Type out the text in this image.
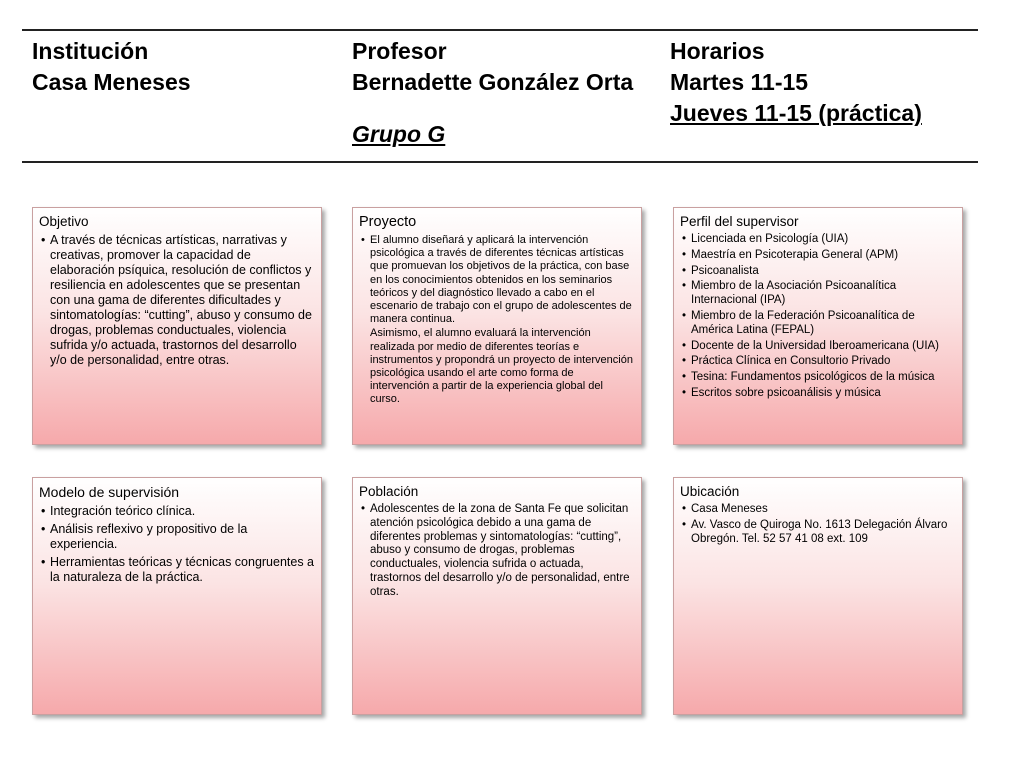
Institución
Casa Meneses
Profesor
Bernadette González Orta
Grupo G
Horarios
Martes 11-15
Jueves 11-15 (práctica)
Objetivo
• A través de técnicas artísticas, narrativas y creativas, promover la capacidad de elaboración psíquica, resolución de conflictos y resiliencia en adolescentes que se presentan con una gama de diferentes dificultades y sintomatologías: “cutting”, abuso y consumo de drogas, problemas conductuales, violencia sufrida y/o actuada, trastornos del desarrollo y/o de personalidad, entre otras.
Proyecto
• El alumno diseñará y aplicará la intervención psicológica a través de diferentes técnicas artísticas que promuevan los objetivos de la práctica, con base en los conocimientos obtenidos en los seminarios teóricos y del diagnóstico llevado a cabo en el escenario de trabajo con el grupo de adolescentes de manera continua.
Asimismo, el alumno evaluará la intervención realizada por medio de diferentes teorías e instrumentos y propondrá un proyecto de intervención psicológica usando el arte como forma de intervención a partir de la experiencia global del curso.
Perfil del supervisor
• Licenciada en Psicología (UIA)
• Maestría en Psicoterapia General (APM)
• Psicoanalista
• Miembro de la Asociación Psicoanalítica Internacional (IPA)
• Miembro de la Federación Psicoanalítica de América Latina (FEPAL)
• Docente de la Universidad Iberoamericana (UIA)
• Práctica Clínica en Consultorio Privado
• Tesina: Fundamentos psicológicos de la música
• Escritos sobre psicoanálisis y música
Modelo de supervisión
• Integración teórico clínica.
• Análisis reflexivo y propositivo de la experiencia.
• Herramientas teóricas y técnicas congruentes a la naturaleza de la práctica.
Población
• Adolescentes de la zona de Santa Fe que solicitan atención psicológica debido a una gama de diferentes problemas y sintomatologías: “cutting”, abuso y consumo de drogas, problemas conductuales, violencia sufrida o actuada, trastornos del desarrollo y/o de personalidad, entre otras.
Ubicación
• Casa Meneses
• Av. Vasco de Quiroga No. 1613 Delegación Álvaro Obregón. Tel. 52 57 41 08 ext. 109
